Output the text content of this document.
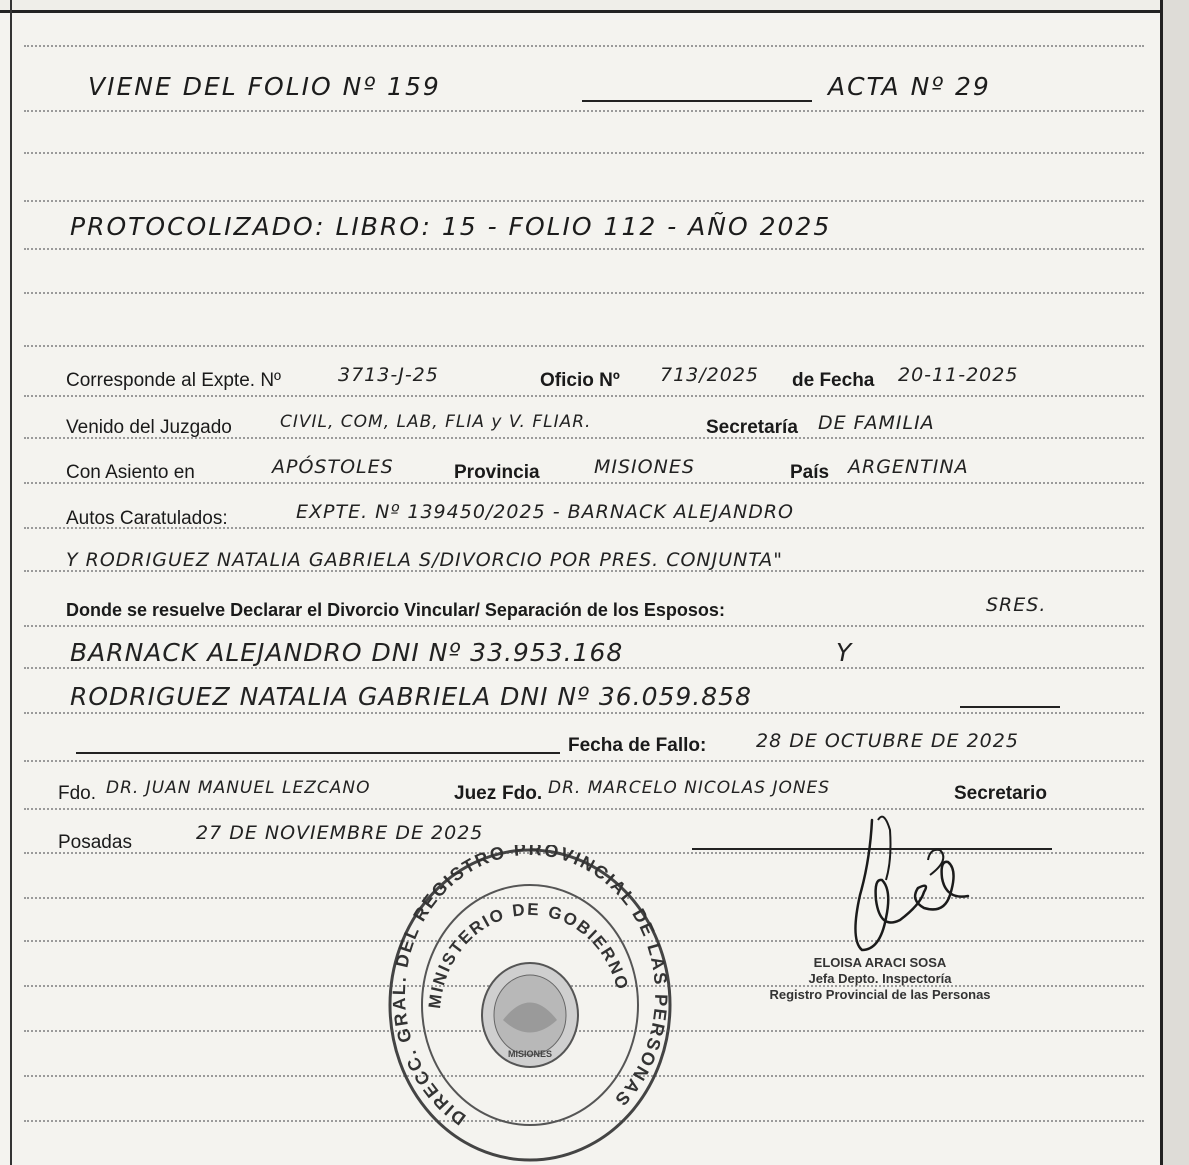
VIENE DEL FOLIO Nº 159	ACTA Nº 29
PROTOCOLIZADO: LIBRO: 15 - FOLIO 112 - AÑO 2025
Corresponde al Expte. Nº	3713-J-25	Oficio Nº 713/2025 de Fecha 20-11-2025
Venido del Juzgado	CIVIL, COM, LAB, FLIA y V. FLIAR.	Secretaría DE FAMILIA
Con Asiento en	APÓSTOLES	Provincia	MISIONES	País ARGENTINA
Autos Caratulados:	EXPTE. Nº 139450/2025 - BARNACK ALEJANDRO
Y RODRIGUEZ NATALIA GABRIELA S/DIVORCIO POR PRES. CONJUNTA"
Donde se resuelve Declarar el Divorcio Vincular/ Separación de los Esposos:	SRES.
BARNACK ALEJANDRO DNI Nº 33.953.168	Y
RODRIGUEZ NATALIA GABRIELA DNI Nº 36.059.858
Fecha de Fallo:	28 DE OCTUBRE DE 2025
Fdo. DR. JUAN MANUEL LEZCANO	Juez Fdo. DR. MARCELO NICOLAS JONES	Secretario
Posadas	27 DE NOVIEMBRE DE 2025
DIRECC. GRAL. DEL REGISTRO PROVINCIAL DE LAS PERSONAS
MINISTERIO DE GOBIERNO
MISIONES
ELOISA ARACI SOSA
Jefa Depto. Inspectoría
Registro Provincial de las Personas
